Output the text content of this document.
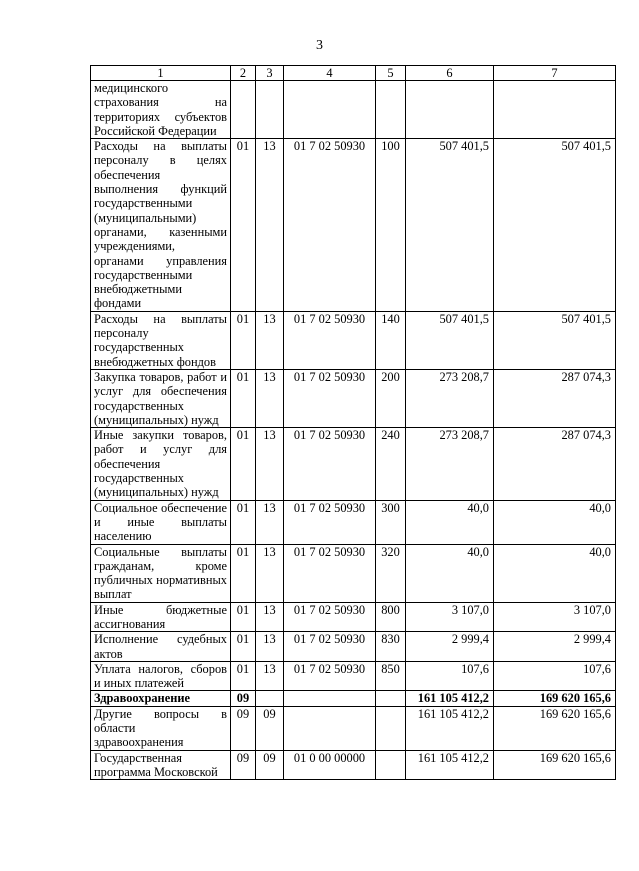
3
1	2	3	4	5	6	7
медицинского страхования на территориях субъектов Российской Федерации						
Расходы на выплаты персоналу в целях обеспечения выполнения функций государственными (муниципальными) органами, казенными учреждениями, органами управления государственными внебюджетными фондами	01	13	01 7 02 50930	100	507 401,5	507 401,5
Расходы на выплаты персоналу государственных внебюджетных фондов	01	13	01 7 02 50930	140	507 401,5	507 401,5
Закупка товаров, работ и услуг для обеспечения государственных (муниципальных) нужд	01	13	01 7 02 50930	200	273 208,7	287 074,3
Иные закупки товаров, работ и услуг для обеспечения государственных (муниципальных) нужд	01	13	01 7 02 50930	240	273 208,7	287 074,3
Социальное обеспечение и иные выплаты населению	01	13	01 7 02 50930	300	40,0	40,0
Социальные выплаты гражданам, кроме публичных нормативных выплат	01	13	01 7 02 50930	320	40,0	40,0
Иные бюджетные ассигнования	01	13	01 7 02 50930	800	3 107,0	3 107,0
Исполнение судебных актов	01	13	01 7 02 50930	830	2 999,4	2 999,4
Уплата налогов, сборов и иных платежей	01	13	01 7 02 50930	850	107,6	107,6
Здравоохранение	09				161 105 412,2	169 620 165,6
Другие вопросы в области здравоохранения	09	09			161 105 412,2	169 620 165,6
Государственная программа Московской	09	09	01 0 00 00000		161 105 412,2	169 620 165,6
